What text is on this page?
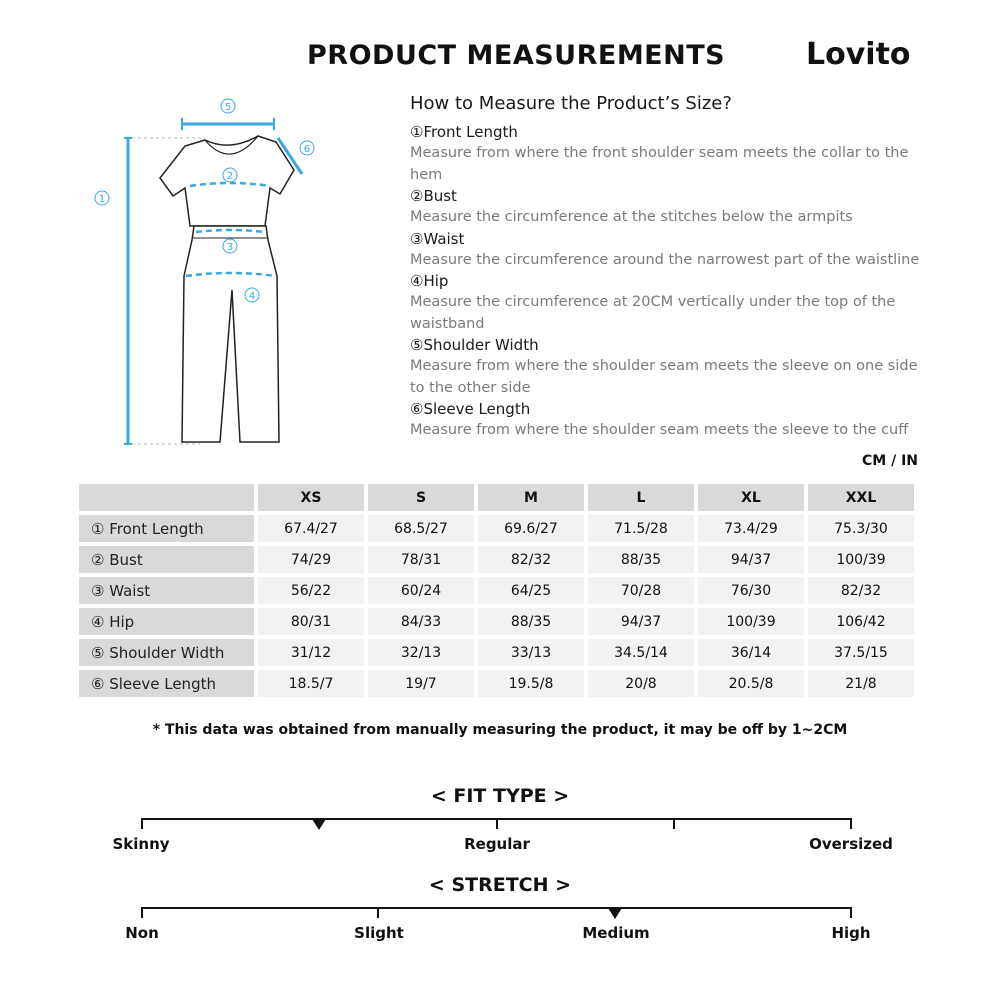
PRODUCT MEASUREMENTS	Lovito
1
5
6
2
3
4
How to Measure the Product’s Size?
①Front Length
Measure from where the front shoulder seam meets the collar to the hem
②Bust
Measure the circumference at the stitches below the armpits
③Waist
Measure the circumference around the narrowest part of the waistline
④Hip
Measure the circumference at 20CM vertically under the top of the waistband
⑤Shoulder Width
Measure from where the shoulder seam meets the sleeve on one side to the other side
⑥Sleeve Length
Measure from where the shoulder seam meets the sleeve to the cuff
CM / IN
	XS	S	M	L	XL	XXL
① Front Length	67.4/27	68.5/27	69.6/27	71.5/28	73.4/29	75.3/30
② Bust	74/29	78/31	82/32	88/35	94/37	100/39
③ Waist	56/22	60/24	64/25	70/28	76/30	82/32
④ Hip	80/31	84/33	88/35	94/37	100/39	106/42
⑤ Shoulder Width	31/12	32/13	33/13	34.5/14	36/14	37.5/15
⑥ Sleeve Length	18.5/7	19/7	19.5/8	20/8	20.5/8	21/8
* This data was obtained from manually measuring the product, it may be off by 1~2CM
< FIT TYPE >
Skinny	Regular	Oversized
< STRETCH >
Non	Slight	Medium	High
